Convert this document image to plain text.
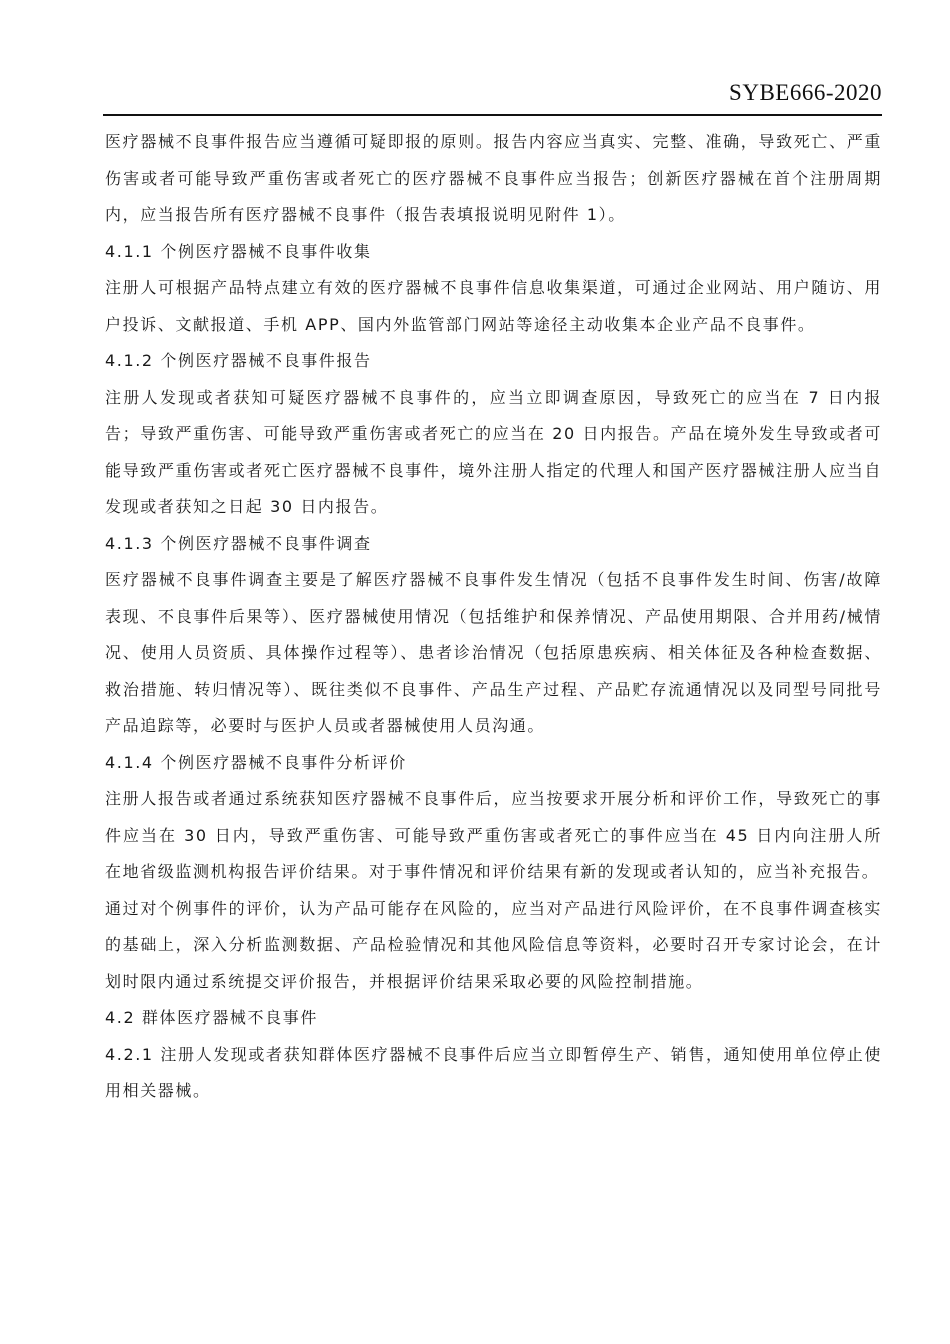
SYBE666-2020

医疗器械不良事件报告应当遵循可疑即报的原则。报告内容应当真实、完整、准确，导致死亡、严重伤害或者可能导致严重伤害或者死亡的医疗器械不良事件应当报告；创新医疗器械在首个注册周期内，应当报告所有医疗器械不良事件（报告表填报说明见附件 1）。

4.1.1 个例医疗器械不良事件收集

注册人可根据产品特点建立有效的医疗器械不良事件信息收集渠道，可通过企业网站、用户随访、用户投诉、文献报道、手机 APP、国内外监管部门网站等途径主动收集本企业产品不良事件。

4.1.2 个例医疗器械不良事件报告

注册人发现或者获知可疑医疗器械不良事件的，应当立即调查原因，导致死亡的应当在 7 日内报告；导致严重伤害、可能导致严重伤害或者死亡的应当在 20 日内报告。产品在境外发生导致或者可能导致严重伤害或者死亡医疗器械不良事件，境外注册人指定的代理人和国产医疗器械注册人应当自发现或者获知之日起 30 日内报告。

4.1.3 个例医疗器械不良事件调查

医疗器械不良事件调查主要是了解医疗器械不良事件发生情况（包括不良事件发生时间、伤害/故障表现、不良事件后果等）、医疗器械使用情况（包括维护和保养情况、产品使用期限、合并用药/械情况、使用人员资质、具体操作过程等）、患者诊治情况（包括原患疾病、相关体征及各种检查数据、救治措施、转归情况等）、既往类似不良事件、产品生产过程、产品贮存流通情况以及同型号同批号产品追踪等，必要时与医护人员或者器械使用人员沟通。

4.1.4 个例医疗器械不良事件分析评价

注册人报告或者通过系统获知医疗器械不良事件后，应当按要求开展分析和评价工作，导致死亡的事件应当在 30 日内，导致严重伤害、可能导致严重伤害或者死亡的事件应当在 45 日内向注册人所在地省级监测机构报告评价结果。对于事件情况和评价结果有新的发现或者认知的，应当补充报告。

通过对个例事件的评价，认为产品可能存在风险的，应当对产品进行风险评价，在不良事件调查核实的基础上，深入分析监测数据、产品检验情况和其他风险信息等资料，必要时召开专家讨论会，在计划时限内通过系统提交评价报告，并根据评价结果采取必要的风险控制措施。

4.2 群体医疗器械不良事件

4.2.1 注册人发现或者获知群体医疗器械不良事件后应当立即暂停生产、销售，通知使用单位停止使用相关器械。
